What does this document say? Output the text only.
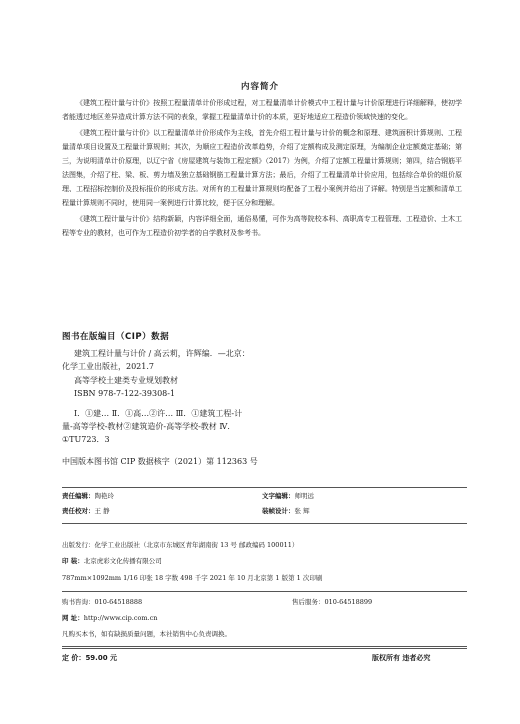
内容简介

《建筑工程计量与计价》按照工程量清单计价形成过程，对工程量清单计价模式中工程计量与计价原理进行详细解释，使初学者能透过地区差异造成计算方法不同的表象，掌握工程量清单计价的本质，更好地适应工程造价领域快速的变化。

《建筑工程计量与计价》以工程量清单计价形成作为主线，首先介绍工程计量与计价的概念和原理、建筑面积计算规则、工程量清单项目设置及工程量计算规则；其次，为顺应工程造价改革趋势，介绍了定额构成及测定原理，为编制企业定额奠定基础；第三，为说明清单计价原理，以辽宁省《房屋建筑与装饰工程定额》（2017）为例，介绍了定额工程量计算规则；第四，结合钢筋平法图集，介绍了柱、梁、板、剪力墙及独立基础钢筋工程量计算方法；最后，介绍了工程量清单计价应用，包括综合单价的组价原理、工程招标控制价及投标报价的形成方法。对所有的工程量计算规则均配备了工程小案例并给出了详解。特别是当定额和清单工程量计算规则不同时，使用同一案例进行计算比较，便于区分和理解。

《建筑工程计量与计价》结构新颖，内容详细全面，通俗易懂，可作为高等院校本科、高职高专工程管理、工程造价、土木工程等专业的教材，也可作为工程造价初学者的自学教材及参考书。

图书在版编目（CIP）数据
建筑工程计量与计价 / 高云莉，许辉编．—北京：
化学工业出版社，2021.7
高等学校土建类专业规划教材
ISBN 978-7-122-39308-1
Ⅰ．①建… Ⅱ．①高…②许… Ⅲ．①建筑工程-计
量-高等学校-教材②建筑造价-高等学校-教材 Ⅳ．
①TU723．3
中国版本图书馆 CIP 数据核字（2021）第 112363 号
责任编辑：陶艳玲	文字编辑：师明远
责任校对：王 静	装帧设计：张 辉
出版发行：化学工业出版社（北京市东城区青年湖南街 13 号 邮政编码 100011）
印 装：北京虎彩文化传播有限公司
787mm×1092mm 1/16 印张 18 字数 498 千字 2021 年 10 月北京第 1 版第 1 次印刷
购书咨询：010-64518888	售后服务：010-64518899
网 址：http://www.cip.com.cn
凡购买本书，如有缺损质量问题，本社销售中心负责调换。
定 价：59.00 元	版权所有 违者必究
